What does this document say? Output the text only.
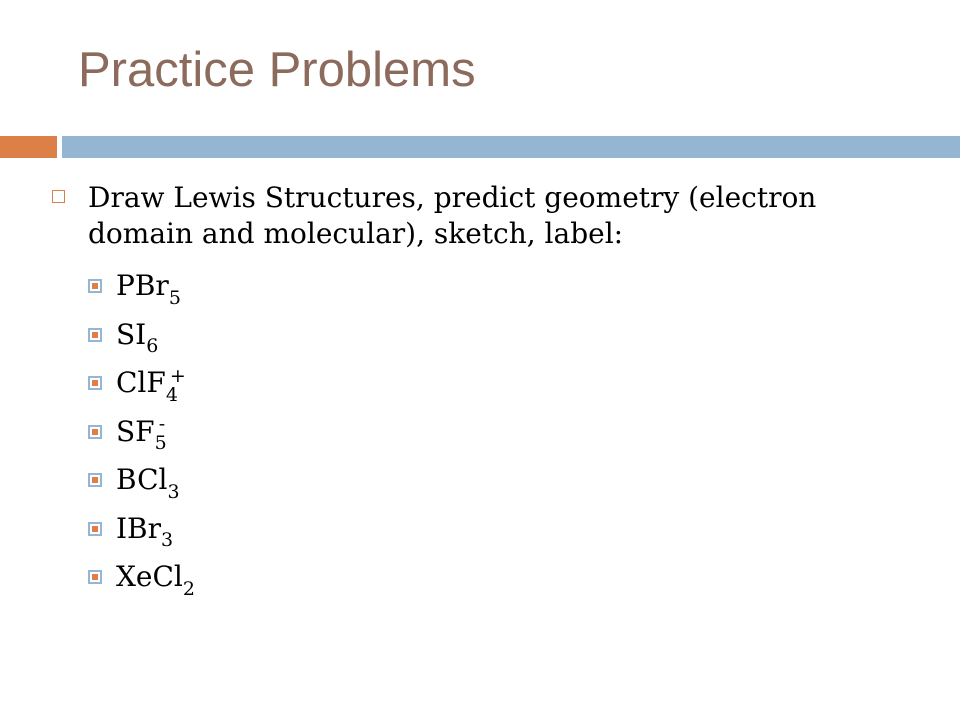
Practice Problems
Draw Lewis Structures, predict geometry (electron domain and molecular), sketch, label:
PBr$_5$
$SI_6$
ClF$_4$+
$SF_5^-$
BCl$_3$
IBr$_3$
XeCl$_2$
